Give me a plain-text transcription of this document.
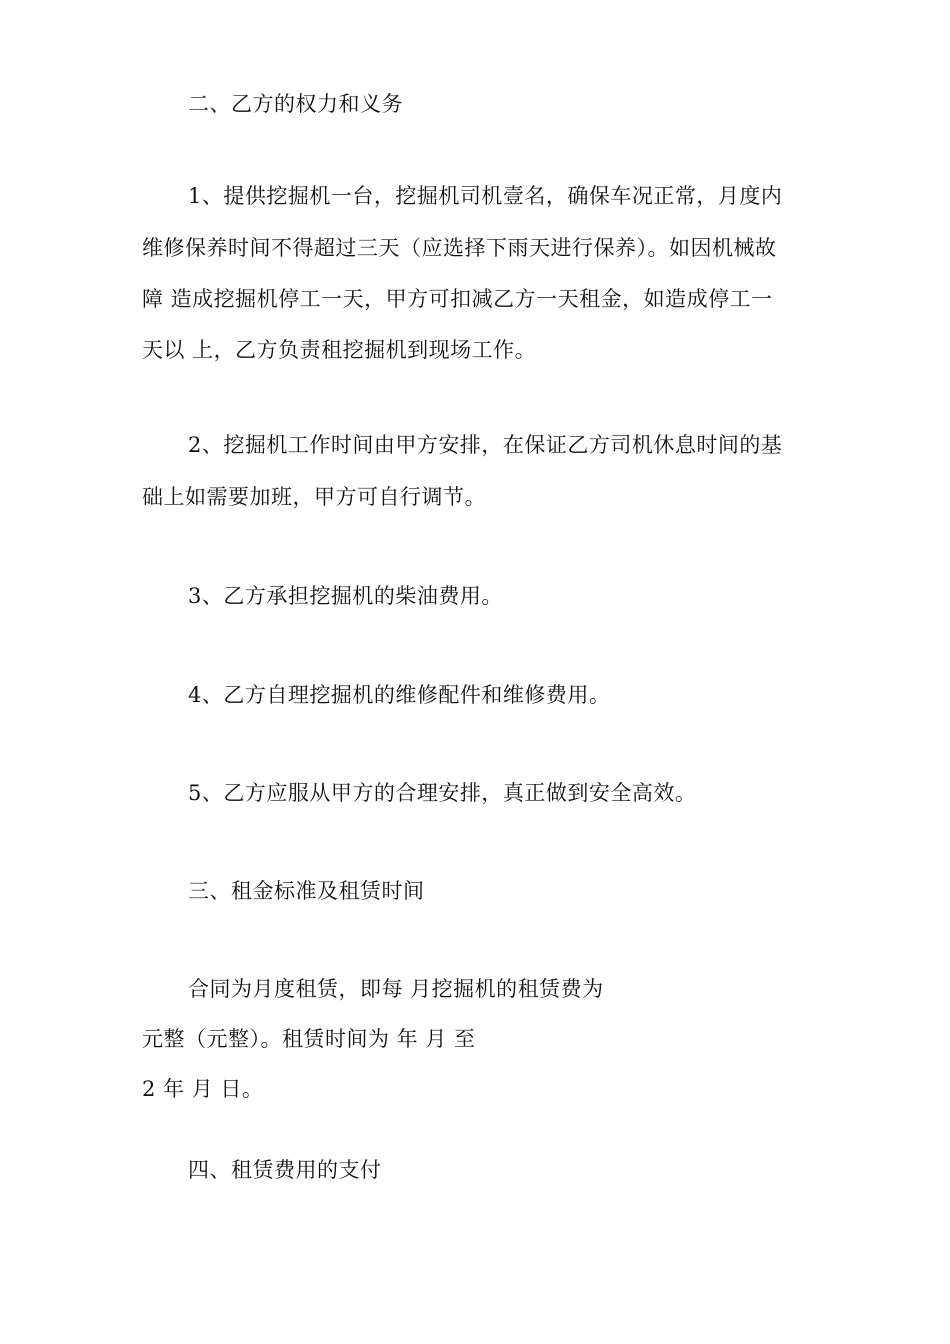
二、乙方的权力和义务
1、提供挖掘机一台，挖掘机司机壹名，确保车况正常，月度内
维修保养时间不得超过三天（应选择下雨天进行保养）。如因机械故
障 造成挖掘机停工一天，甲方可扣减乙方一天租金，如造成停工一
天以 上，乙方负责租挖掘机到现场工作。
2、挖掘机工作时间由甲方安排，在保证乙方司机休息时间的基
础上如需要加班，甲方可自行调节。
3、乙方承担挖掘机的柴油费用。
4、乙方自理挖掘机的维修配件和维修费用。
5、乙方应服从甲方的合理安排，真正做到安全高效。
三、租金标准及租赁时间
合同为月度租赁，即每 月挖掘机的租赁费为
元整（元整）。租赁时间为 年 月 至
2 年 月 日。
四、租赁费用的支付
